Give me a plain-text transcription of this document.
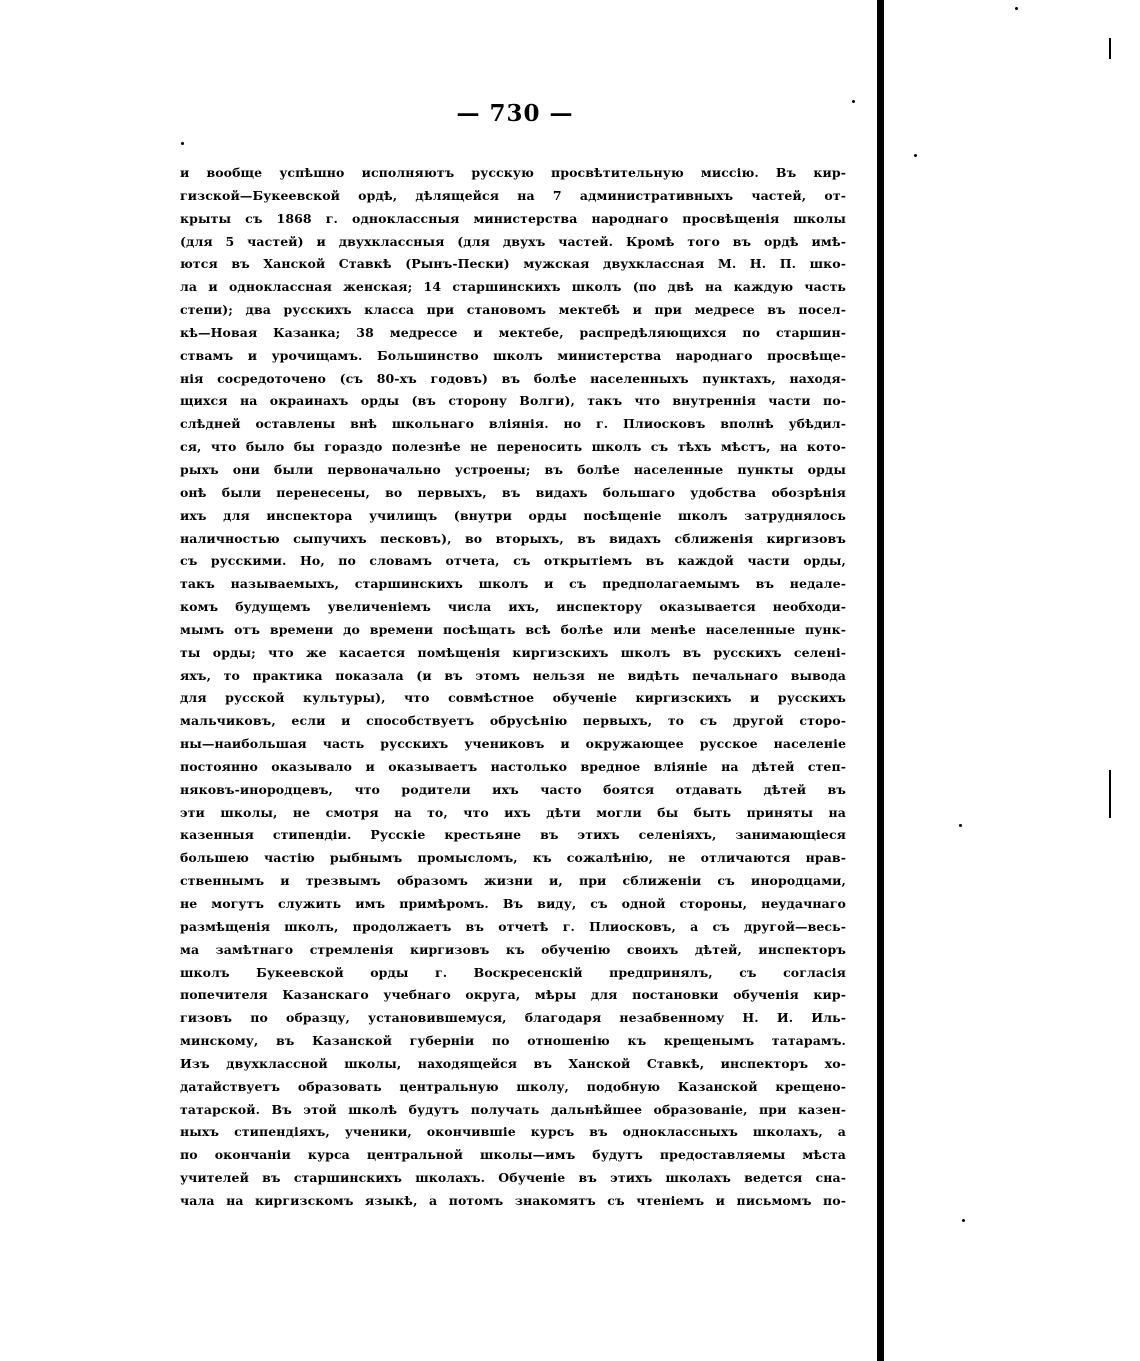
— 730 —
и вообще успѣшно исполняютъ русскую просвѣтительную миссію. Въ кир-
гизской—Букеевской ордѣ, дѣлящейся на 7 административныхъ частей, от-
крыты съ 1868 г. одноклассныя министерства народнаго просвѣщенія школы
(для 5 частей) и двухклассныя (для двухъ частей. Кромѣ того въ ордѣ имѣ-
ются въ Ханской Ставкѣ (Рынъ-Пески) мужская двухклассная М. Н. П. шко-
ла и одноклассная женская; 14 старшинскихъ школъ (по двѣ на каждую часть
степи); два русскихъ класса при становомъ мектебѣ и при медресе въ посел-
кѣ—Новая Казанка; 38 медрессе и мектебе, распредѣляющихся по старшин-
ствамъ и урочищамъ. Большинство школъ министерства народнаго просвѣще-
нія сосредоточено (съ 80-хъ годовъ) въ болѣе населенныхъ пунктахъ, находя-
щихся на окраинахъ орды (въ сторону Волги), такъ что внутреннія части по-
слѣдней оставлены внѣ школьнаго вліянія. но г. Плиосковъ вполнѣ убѣдил-
ся, что было бы гораздо полезнѣе не переносить школъ съ тѣхъ мѣстъ, на кото-
рыхъ они были первоначально устроены; въ болѣе населенные пункты орды
онѣ были перенесены, во первыхъ, въ видахъ большаго удобства обозрѣнія
ихъ для инспектора училищъ (внутри орды посѣщеніе школъ затруднялось
наличностью сыпучихъ песковъ), во вторыхъ, въ видахъ сближенія киргизовъ
съ русскими. Но, по словамъ отчета, съ открытіемъ въ каждой части орды,
такъ называемыхъ, старшинскихъ школъ и съ предполагаемымъ въ недале-
комъ будущемъ увеличеніемъ числа ихъ, инспектору оказывается необходи-
мымъ отъ времени до времени посѣщать всѣ болѣе или менѣе населенные пунк-
ты орды; что же касается помѣщенія киргизскихъ школъ въ русскихъ селені-
яхъ, то практика показала (и въ этомъ нельзя не видѣть печальнаго вывода
для русской культуры), что совмѣстное обученіе киргизскихъ и русскихъ
мальчиковъ, если и способствуетъ обрусѣнію первыхъ, то съ другой сторо-
ны—наибольшая часть русскихъ учениковъ и окружающее русское населеніе
постоянно оказывало и оказываетъ настолько вредное вліяніе на дѣтей степ-
няковъ-инородцевъ, что родители ихъ часто боятся отдавать дѣтей въ
эти школы, не смотря на то, что ихъ дѣти могли бы быть приняты на
казенныя стипендіи. Русскіе крестьяне въ этихъ селеніяхъ, занимающіеся
большею частію рыбнымъ промысломъ, къ сожалѣнію, не отличаются нрав-
ственнымъ и трезвымъ образомъ жизни и, при сближеніи съ инородцами,
не могутъ служить имъ примѣромъ. Въ виду, съ одной стороны, неудачнаго
размѣщенія школъ, продолжаетъ въ отчетѣ г. Плиосковъ, а съ другой—весь-
ма замѣтнаго стремленія киргизовъ къ обученію своихъ дѣтей, инспекторъ
школъ Букеевской орды г. Воскресенскій предпринялъ, съ согласія
попечителя Казанскаго учебнаго округа, мѣры для постановки обученія кир-
гизовъ по образцу, установившемуся, благодаря незабвенному Н. И. Иль-
минскому, въ Казанской губерніи по отношенію къ крещенымъ татарамъ.
Изъ двухклассной школы, находящейся въ Ханской Ставкѣ, инспекторъ хо-
датайствуетъ образовать центральную школу, подобную Казанской крещено-
татарской. Въ этой школѣ будутъ получать дальнѣйшее образованіе, при казен-
ныхъ стипендіяхъ, ученики, окончившіе курсъ въ одноклассныхъ школахъ, а
по окончаніи курса центральной школы—имъ будутъ предоставляемы мѣста
учителей въ старшинскихъ школахъ. Обученіе въ этихъ школахъ ведется сна-
чала на киргизскомъ языкѣ, а потомъ знакомятъ съ чтеніемъ и письмомъ по-
